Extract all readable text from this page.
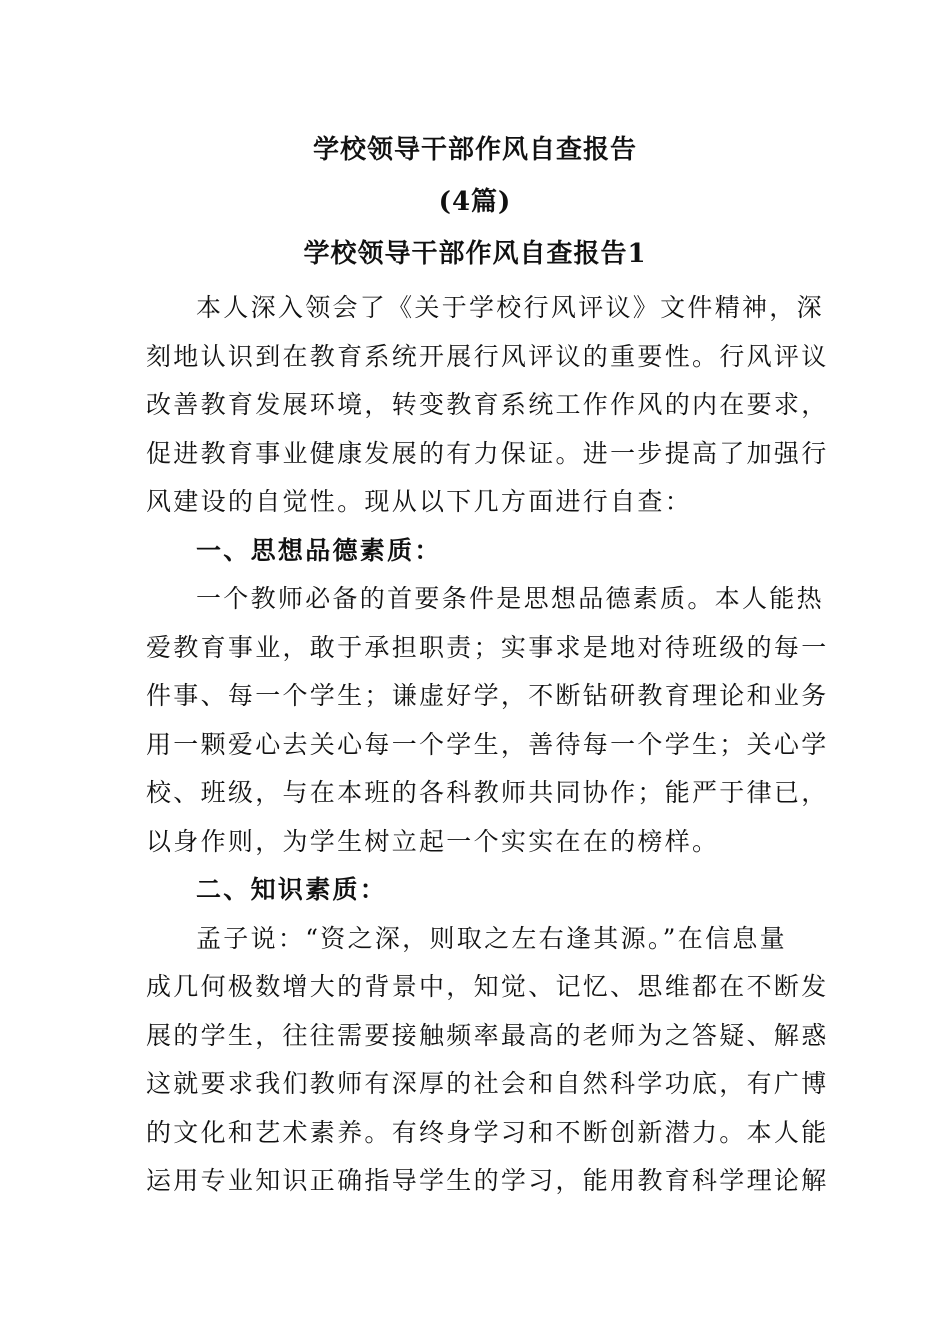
学校领导干部作风自查报告
(4篇)
学校领导干部作风自查报告1
本人深入领会了《关于学校行风评议》文件精神，深
刻地认识到在教育系统开展行风评议的重要性。行风评议
改善教育发展环境，转变教育系统工作作风的内在要求，
促进教育事业健康发展的有力保证。进一步提高了加强行
风建设的自觉性。现从以下几方面进行自查：
一、思想品德素质：
一个教师必备的首要条件是思想品德素质。本人能热
爱教育事业，敢于承担职责；实事求是地对待班级的每一
件事、每一个学生；谦虚好学，不断钻研教育理论和业务
用一颗爱心去关心每一个学生，善待每一个学生；关心学
校、班级，与在本班的各科教师共同协作；能严于律已，
以身作则，为学生树立起一个实实在在的榜样。
二、知识素质：
孟子说：“资之深，则取之左右逢其源。”在信息量
成几何极数增大的背景中，知觉、记忆、思维都在不断发
展的学生，往往需要接触频率最高的老师为之答疑、解惑
这就要求我们教师有深厚的社会和自然科学功底，有广博
的文化和艺术素养。有终身学习和不断创新潜力。本人能
运用专业知识正确指导学生的学习，能用教育科学理论解
